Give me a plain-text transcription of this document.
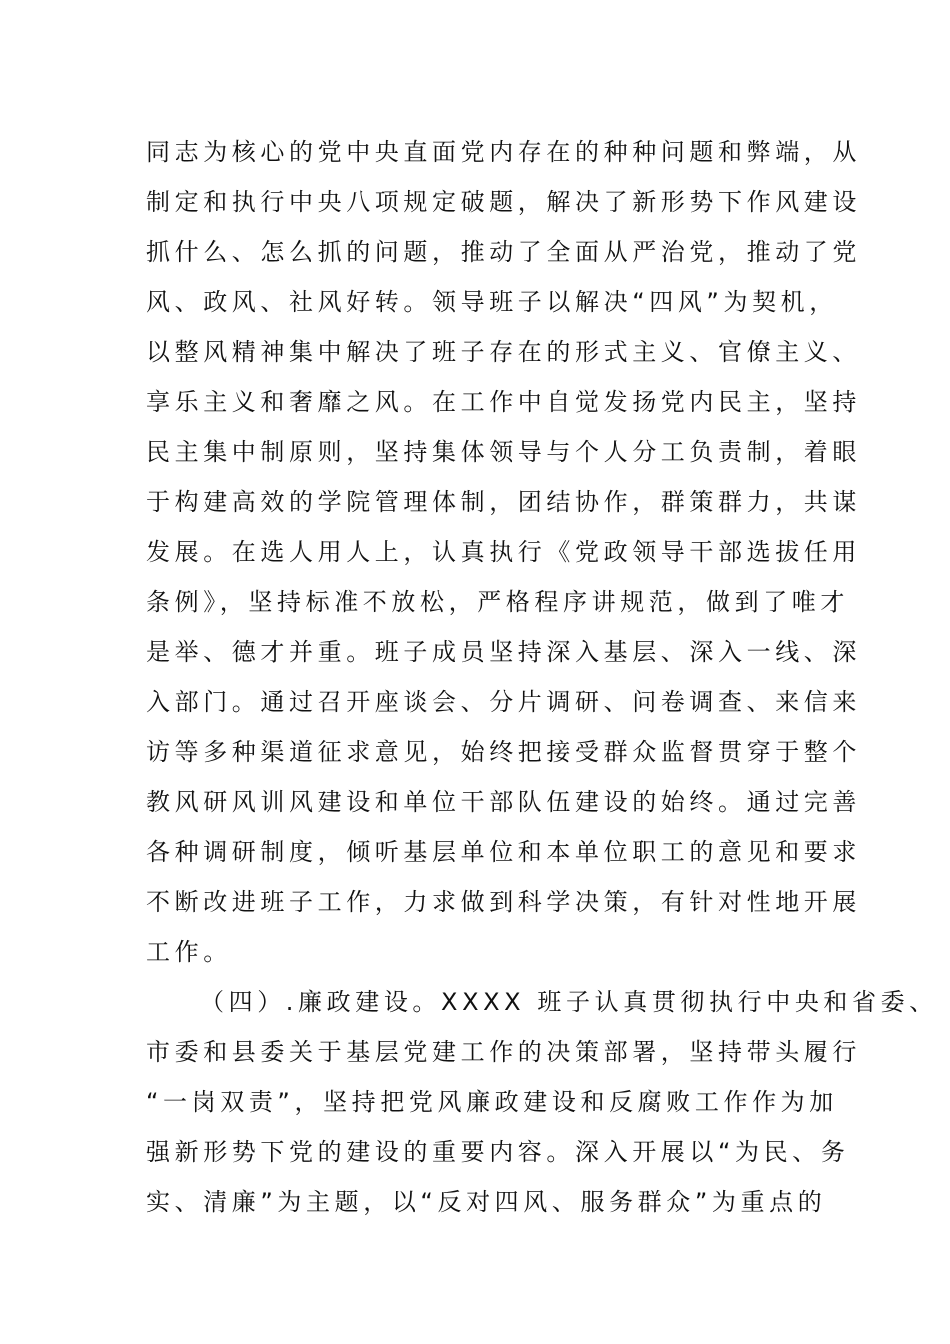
同志为核心的党中央直面党内存在的种种问题和弊端，从
制定和执行中央八项规定破题，解决了新形势下作风建设
抓什么、怎么抓的问题，推动了全面从严治党，推动了党
风、政风、社风好转。领导班子以解决“四风”为契机，
以整风精神集中解决了班子存在的形式主义、官僚主义、
享乐主义和奢靡之风。在工作中自觉发扬党内民主，坚持
民主集中制原则，坚持集体领导与个人分工负责制，着眼
于构建高效的学院管理体制，团结协作，群策群力，共谋
发展。在选人用人上，认真执行《党政领导干部选拔任用
条例》，坚持标准不放松，严格程序讲规范，做到了唯才
是举、德才并重。班子成员坚持深入基层、深入一线、深
入部门。通过召开座谈会、分片调研、问卷调查、来信来
访等多种渠道征求意见，始终把接受群众监督贯穿于整个
教风研风训风建设和单位干部队伍建设的始终。通过完善
各种调研制度，倾听基层单位和本单位职工的意见和要求
不断改进班子工作，力求做到科学决策，有针对性地开展
工作。
（四）.廉政建设。XXXX 班子认真贯彻执行中央和省委、
市委和县委关于基层党建工作的决策部署，坚持带头履行
“一岗双责”，坚持把党风廉政建设和反腐败工作作为加
强新形势下党的建设的重要内容。深入开展以“为民、务
实、清廉”为主题，以“反对四风、服务群众”为重点的
